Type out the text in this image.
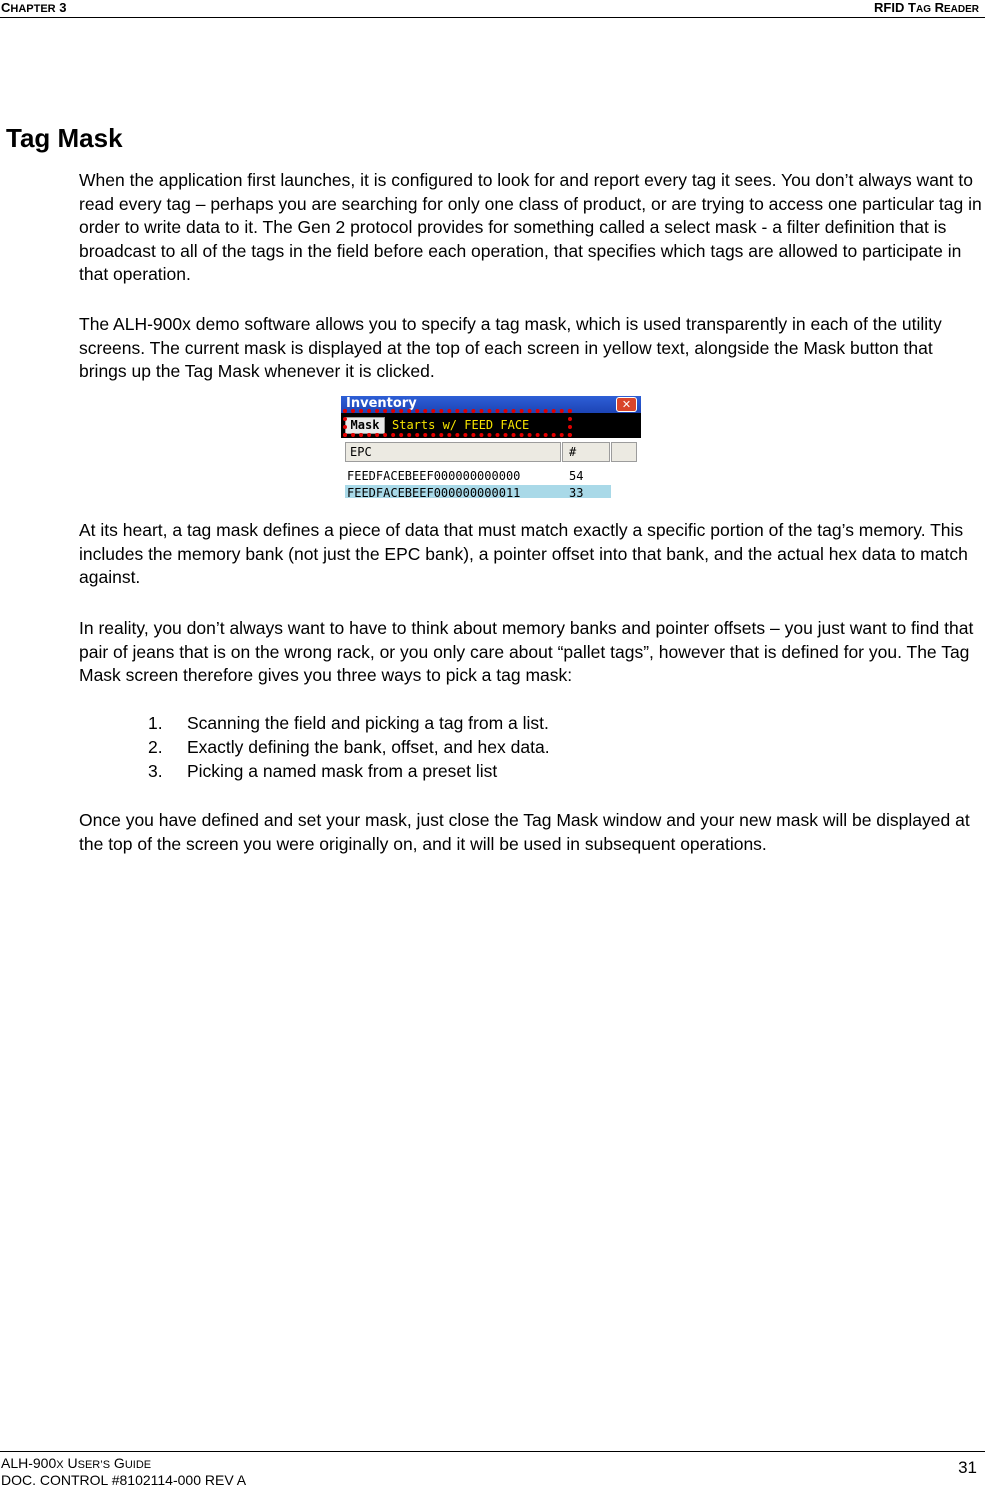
CHAPTER 3	RFID TAG READER
Tag Mask

When the application first launches, it is configured to look for and report every tag it sees. You don’t always want to read every tag – perhaps you are searching for only one class of product, or are trying to access one particular tag in order to write data to it. The Gen 2 protocol provides for something called a select mask - a filter definition that is broadcast to all of the tags in the field before each operation, that specifies which tags are allowed to participate in that operation.

The ALH-900x demo software allows you to specify a tag mask, which is used transparently in each of the utility screens. The current mask is displayed at the top of each screen in yellow text, alongside the Mask button that brings up the Tag Mask whenever it is clicked.

Inventory	✕
Mask	Starts w/ FEED FACE
EPC	#
FEEDFACEBEEF000000000000	54
FEEDFACEBEEF000000000011	33

At its heart, a tag mask defines a piece of data that must match exactly a specific portion of the tag’s memory. This includes the memory bank (not just the EPC bank), a pointer offset into that bank, and the actual hex data to match against.

In reality, you don’t always want to have to think about memory banks and pointer offsets – you just want to find that pair of jeans that is on the wrong rack, or you only care about “pallet tags”, however that is defined for you. The Tag Mask screen therefore gives you three ways to pick a tag mask:

1.	Scanning the field and picking a tag from a list.
2.	Exactly defining the bank, offset, and hex data.
3.	Picking a named mask from a preset list

Once you have defined and set your mask, just close the Tag Mask window and your new mask will be displayed at the top of the screen you were originally on, and it will be used in subsequent operations.

ALH-900X USER’S GUIDE
DOC. CONTROL #8102114-000 REV A
31
